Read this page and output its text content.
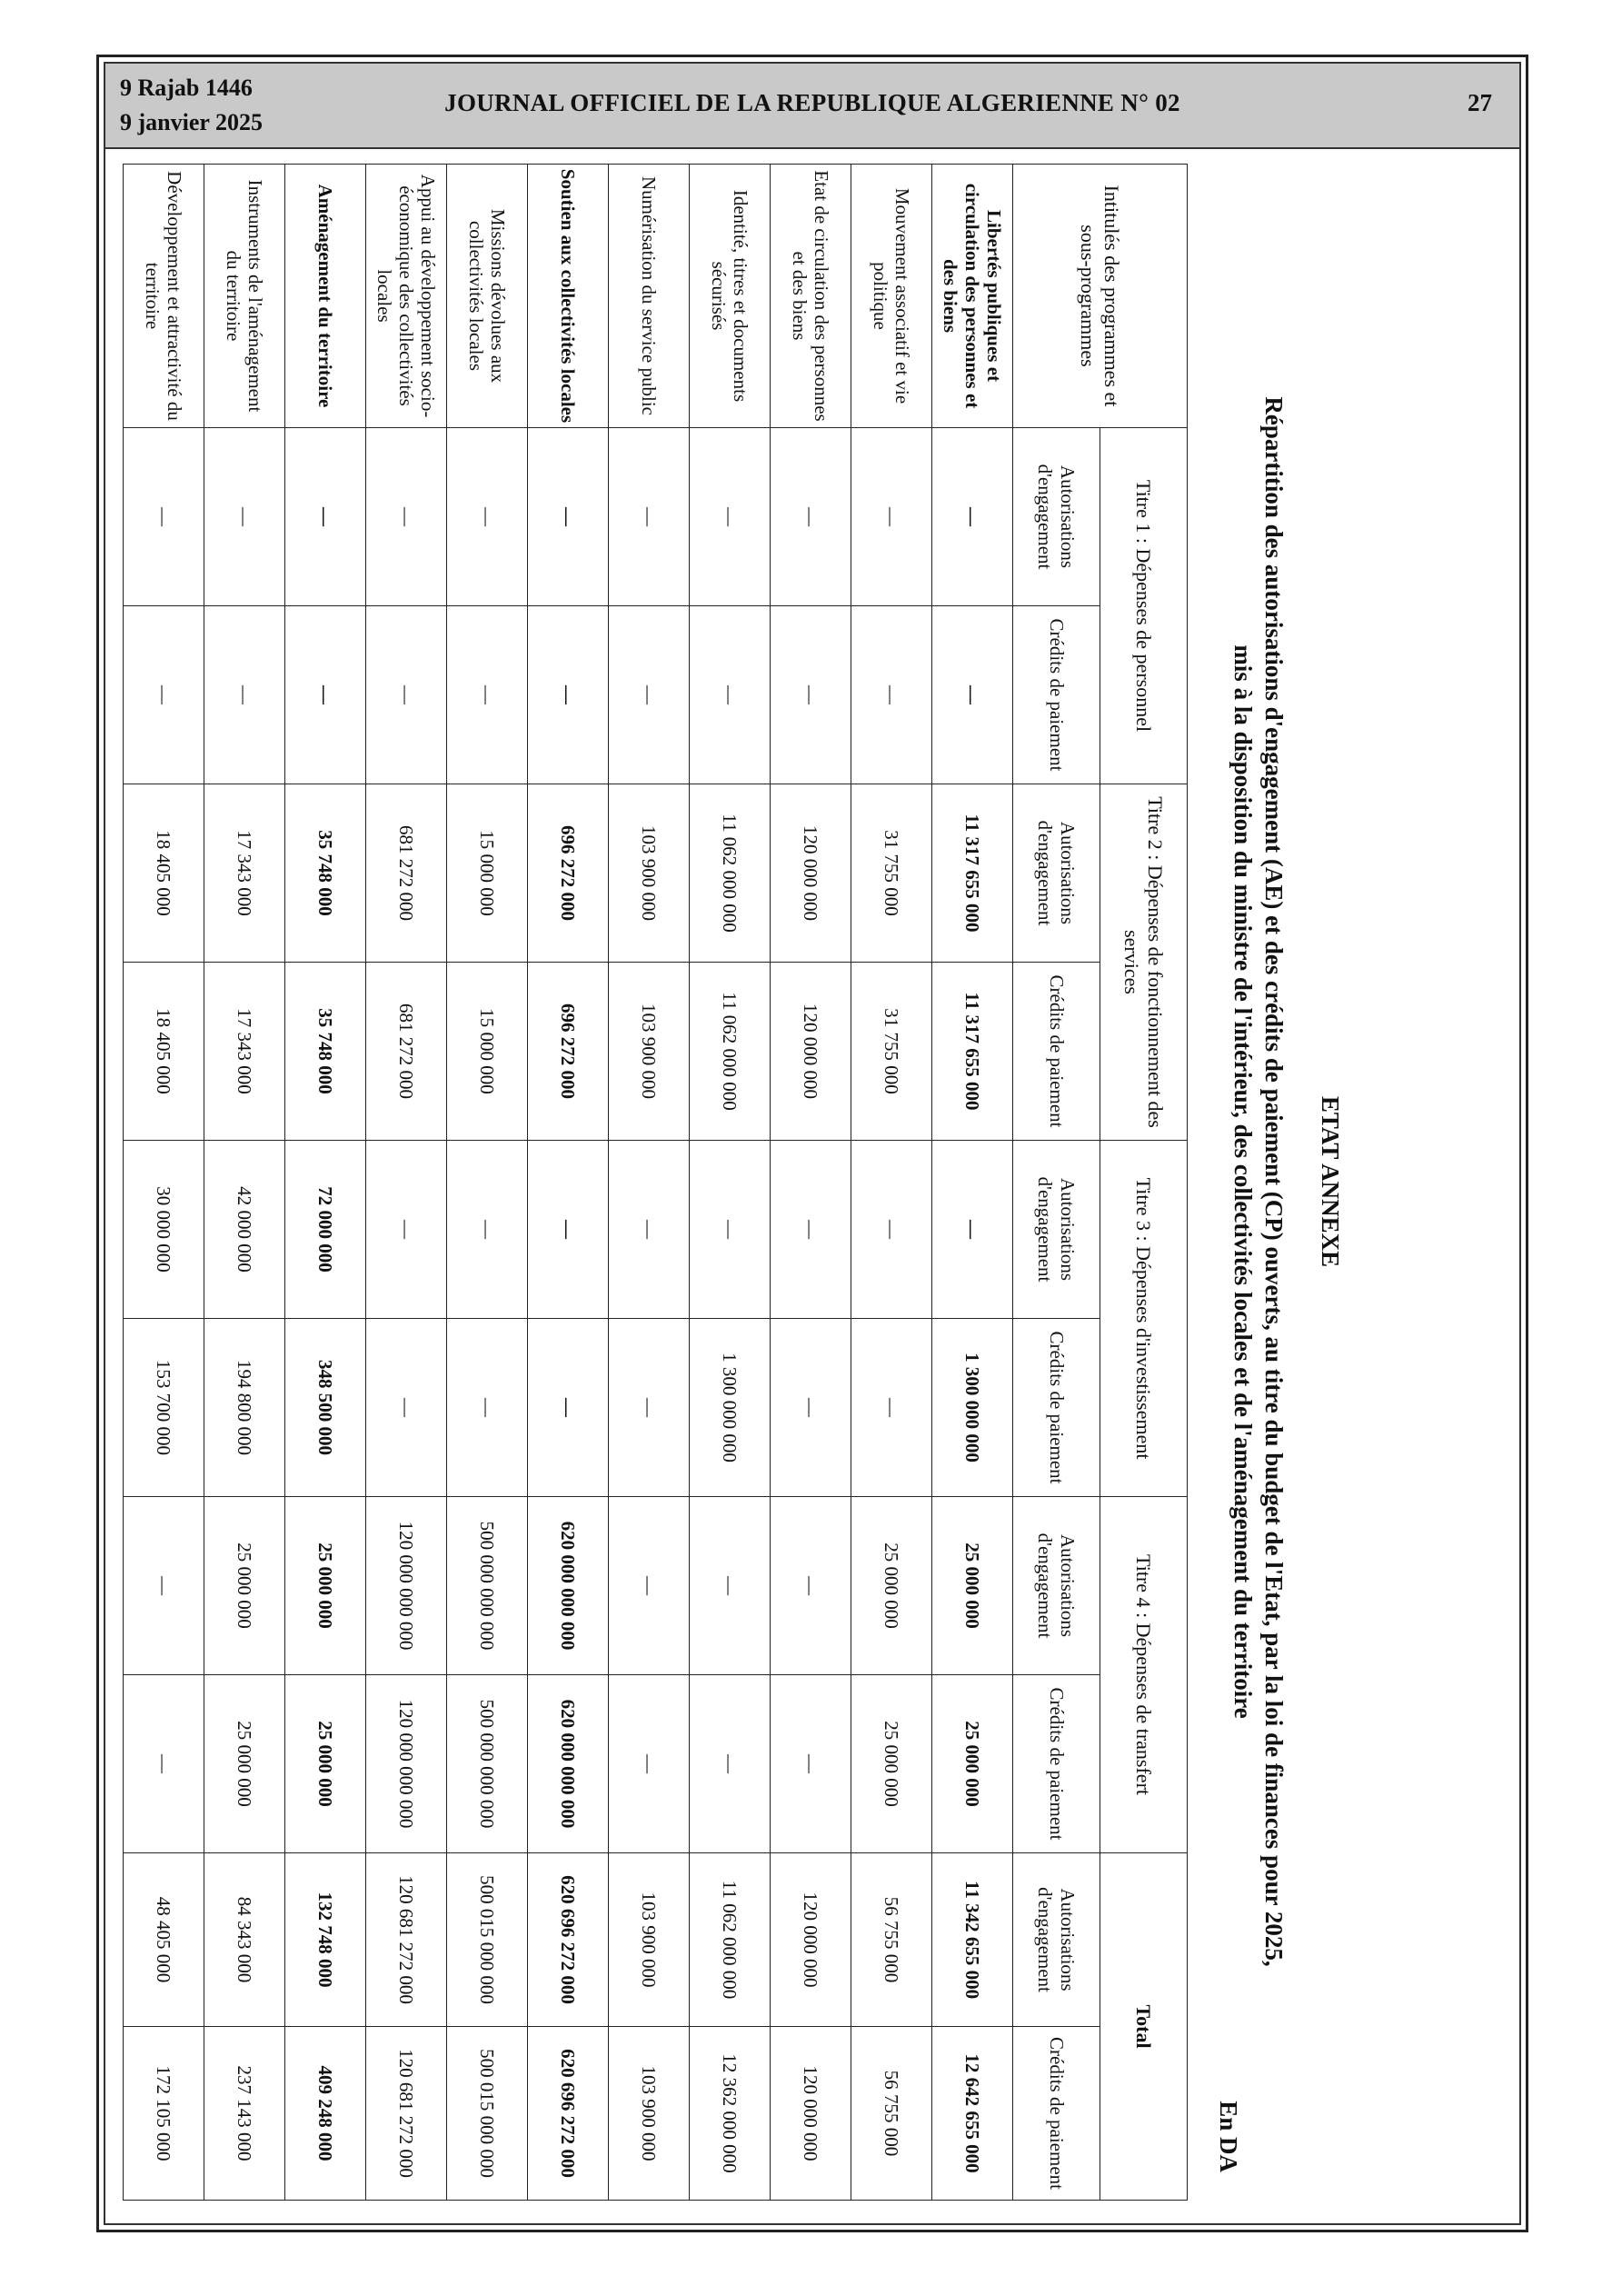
9 Rajab 1446
9 janvier 2025
JOURNAL OFFICIEL DE LA REPUBLIQUE ALGERIENNE N° 02	27
ETAT ANNEXE
Répartition des autorisations d'engagement (AE) et des crédits de paiement (CP) ouverts, au titre du budget de l'Etat, par la loi de finances pour 2025,
mis à la disposition du ministre de l'intérieur, des collectivités locales et de l'aménagement du territoire
En DA
Intitulés des programmes et sous-programmes	Titre 1 : Dépenses de personnel		Titre 2 : Dépenses de fonctionnement des services		Titre 3 : Dépenses d'investissement		Titre 4 : Dépenses de transfert		Total	
	Autorisations d'engagement	Crédits de paiement	Autorisations d'engagement	Crédits de paiement	Autorisations d'engagement	Crédits de paiement	Autorisations d'engagement	Crédits de paiement	Autorisations d'engagement	Crédits de paiement
Libertés publiques et circulation des personnes et des biens	—	—	11 317 655 000	11 317 655 000	—	1 300 000 000	25 000 000	25 000 000	11 342 655 000	12 642 655 000
Mouvement associatif et vie politique	—	—	31 755 000	31 755 000	—	—	25 000 000	25 000 000	56 755 000	56 755 000
Etat de circulation des personnes et des biens	—	—	120 000 000	120 000 000	—	—	—	—	120 000 000	120 000 000
Identité, titres et documents sécurisés	—	—	11 062 000 000	11 062 000 000	—	1 300 000 000	—	—	11 062 000 000	12 362 000 000
Numérisation du service public	—	—	103 900 000	103 900 000	—	—	—	—	103 900 000	103 900 000
Soutien aux collectivités locales	—	—	696 272 000	696 272 000	—	—	620 000 000 000	620 000 000 000	620 696 272 000	620 696 272 000
Missions dévolues aux collectivités locales	—	—	15 000 000	15 000 000	—	—	500 000 000 000	500 000 000 000	500 015 000 000	500 015 000 000
Appui au développement socio-économique des collectivités locales	—	—	681 272 000	681 272 000	—	—	120 000 000 000	120 000 000 000	120 681 272 000	120 681 272 000
Aménagement du territoire	—	—	35 748 000	35 748 000	72 000 000	348 500 000	25 000 000	25 000 000	132 748 000	409 248 000
Instruments de l'aménagement du territoire	—	—	17 343 000	17 343 000	42 000 000	194 800 000	25 000 000	25 000 000	84 343 000	237 143 000
Développement et attractivité du territoire	—	—	18 405 000	18 405 000	30 000 000	153 700 000	—	—	48 405 000	172 105 000
